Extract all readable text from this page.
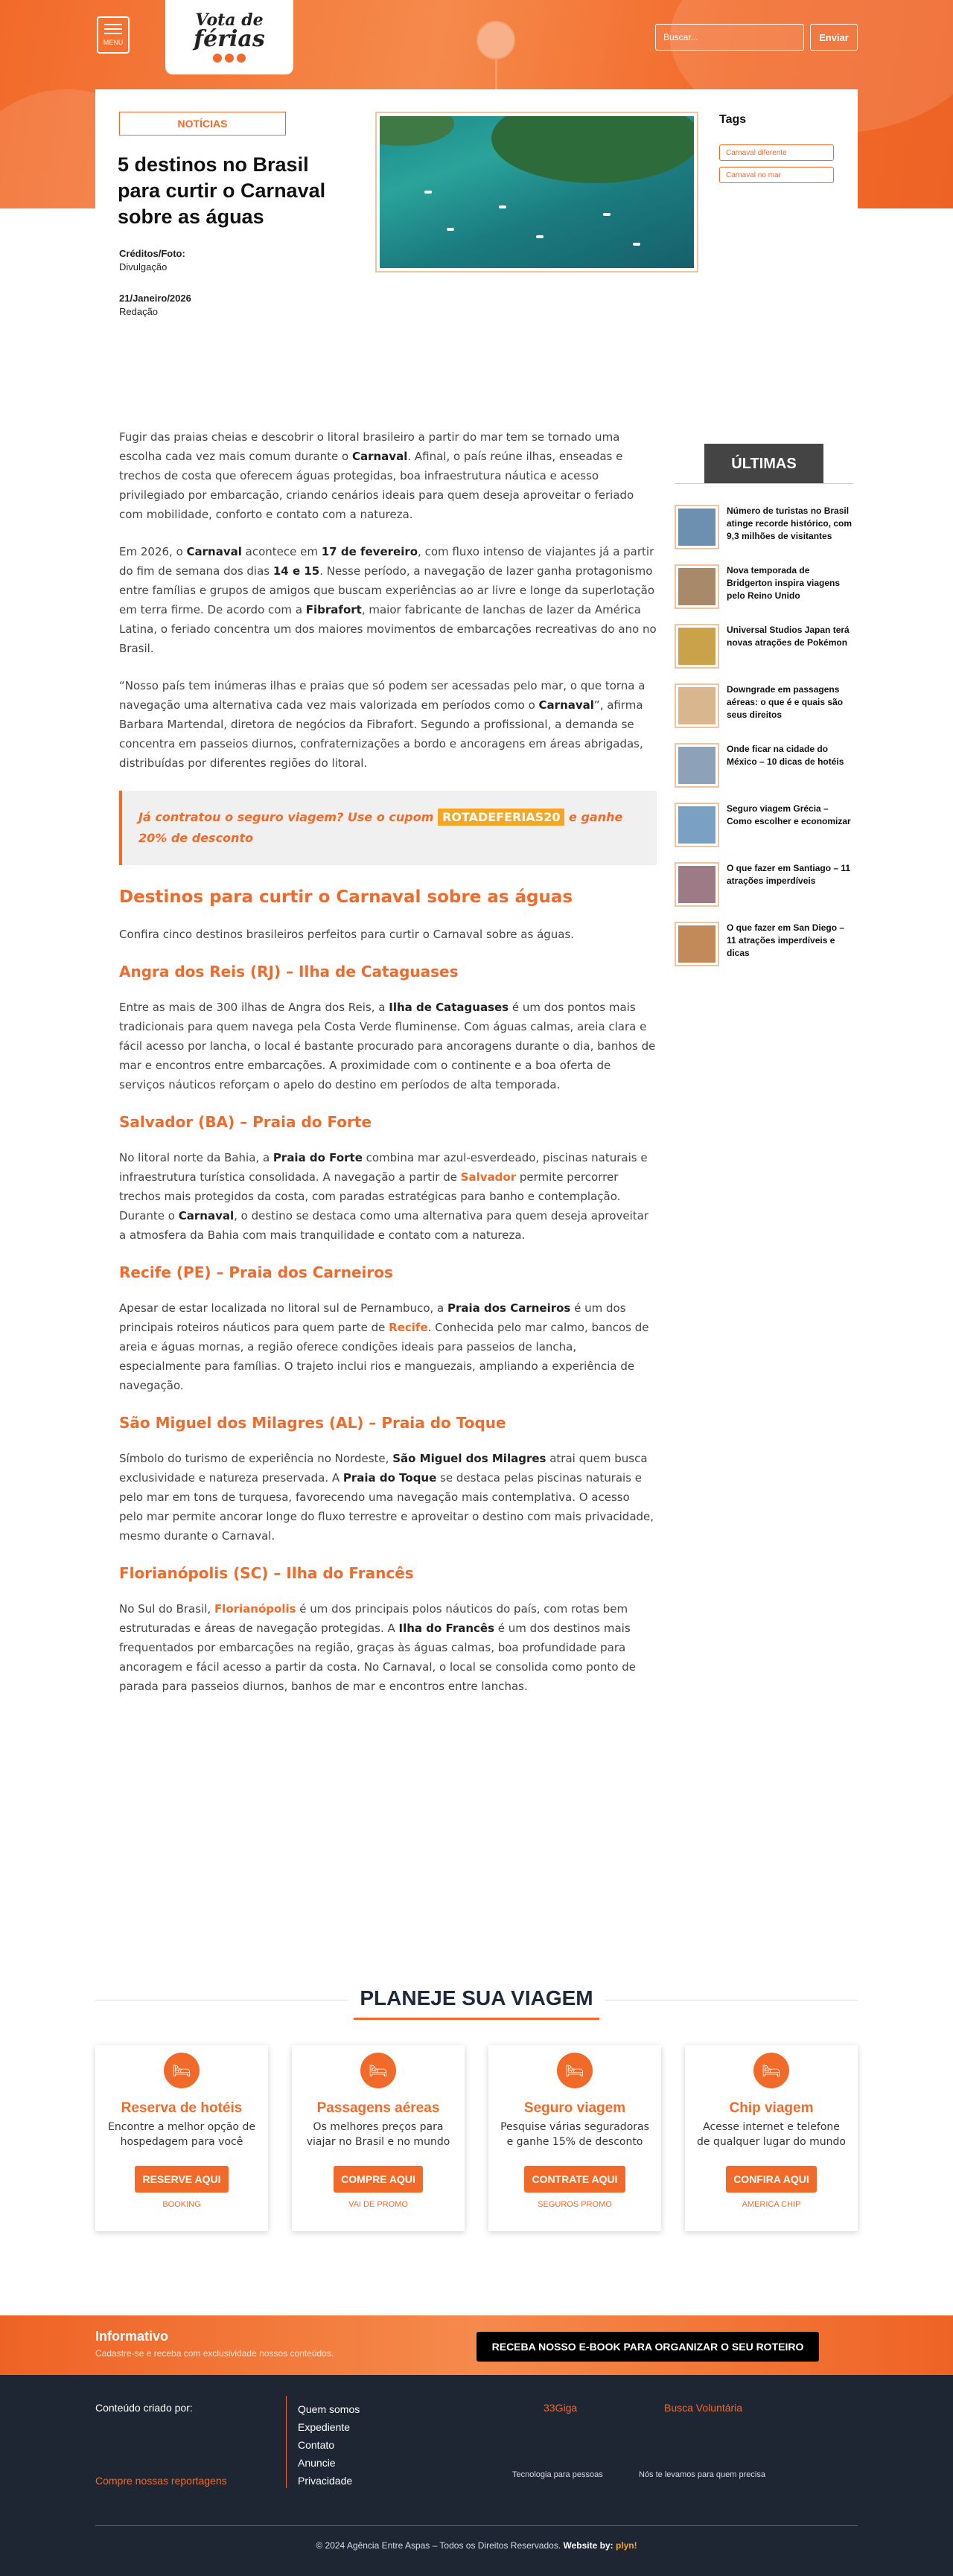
MENU
Vota de
férias
Buscar...	Enviar
NOTÍCIAS
5 destinos no Brasil para curtir o Carnaval sobre as águas
Créditos/Foto:
Divulgação
21/Janeiro/2026
Redação
Tags
Carnaval diferente
Carnaval no mar

Fugir das praias cheias e descobrir o litoral brasileiro a partir do mar tem se tornado uma escolha cada vez mais comum durante o Carnaval. Afinal, o país reúne ilhas, enseadas e trechos de costa que oferecem águas protegidas, boa infraestrutura náutica e acesso privilegiado por embarcação, criando cenários ideais para quem deseja aproveitar o feriado com mobilidade, conforto e contato com a natureza.

Em 2026, o Carnaval acontece em 17 de fevereiro, com fluxo intenso de viajantes já a partir do fim de semana dos dias 14 e 15. Nesse período, a navegação de lazer ganha protagonismo entre famílias e grupos de amigos que buscam experiências ao ar livre e longe da superlotação em terra firme. De acordo com a Fibrafort, maior fabricante de lanchas de lazer da América Latina, o feriado concentra um dos maiores movimentos de embarcações recreativas do ano no Brasil.

“Nosso país tem inúmeras ilhas e praias que só podem ser acessadas pelo mar, o que torna a navegação uma alternativa cada vez mais valorizada em períodos como o Carnaval”, afirma Barbara Martendal, diretora de negócios da Fibrafort. Segundo a profissional, a demanda se concentra em passeios diurnos, confraternizações a bordo e ancoragens em áreas abrigadas, distribuídas por diferentes regiões do litoral.

Já contratou o seguro viagem? Use o cupom ROTADEFERIAS20 e ganhe 20% de desconto
Destinos para curtir o Carnaval sobre as águas

Confira cinco destinos brasileiros perfeitos para curtir o Carnaval sobre as águas.

Angra dos Reis (RJ) – Ilha de Cataguases

Entre as mais de 300 ilhas de Angra dos Reis, a Ilha de Cataguases é um dos pontos mais tradicionais para quem navega pela Costa Verde fluminense. Com águas calmas, areia clara e fácil acesso por lancha, o local é bastante procurado para ancoragens durante o dia, banhos de mar e encontros entre embarcações. A proximidade com o continente e a boa oferta de serviços náuticos reforçam o apelo do destino em períodos de alta temporada.

Salvador (BA) – Praia do Forte

No litoral norte da Bahia, a Praia do Forte combina mar azul-esverdeado, piscinas naturais e infraestrutura turística consolidada. A navegação a partir de Salvador permite percorrer trechos mais protegidos da costa, com paradas estratégicas para banho e contemplação. Durante o Carnaval, o destino se destaca como uma alternativa para quem deseja aproveitar a atmosfera da Bahia com mais tranquilidade e contato com a natureza.

Recife (PE) – Praia dos Carneiros

Apesar de estar localizada no litoral sul de Pernambuco, a Praia dos Carneiros é um dos principais roteiros náuticos para quem parte de Recife. Conhecida pelo mar calmo, bancos de areia e águas mornas, a região oferece condições ideais para passeios de lancha, especialmente para famílias. O trajeto inclui rios e manguezais, ampliando a experiência de navegação.

São Miguel dos Milagres (AL) – Praia do Toque

Símbolo do turismo de experiência no Nordeste, São Miguel dos Milagres atrai quem busca exclusividade e natureza preservada. A Praia do Toque se destaca pelas piscinas naturais e pelo mar em tons de turquesa, favorecendo uma navegação mais contemplativa. O acesso pelo mar permite ancorar longe do fluxo terrestre e aproveitar o destino com mais privacidade, mesmo durante o Carnaval.

Florianópolis (SC) – Ilha do Francês

No Sul do Brasil, Florianópolis é um dos principais polos náuticos do país, com rotas bem estruturadas e áreas de navegação protegidas. A Ilha do Francês é um dos destinos mais frequentados por embarcações na região, graças às águas calmas, boa profundidade para ancoragem e fácil acesso a partir da costa. No Carnaval, o local se consolida como ponto de parada para passeios diurnos, banhos de mar e encontros entre lanchas.

ÚLTIMAS
Número de turistas no Brasil atinge recorde histórico, com 9,3 milhões de visitantes
Nova temporada de Bridgerton inspira viagens pelo Reino Unido
Universal Studios Japan terá novas atrações de Pokémon
Downgrade em passagens aéreas: o que é e quais são seus direitos
Onde ficar na cidade do México – 10 dicas de hotéis
Seguro viagem Grécia – Como escolher e economizar
O que fazer em Santiago – 11 atrações imperdíveis
O que fazer em San Diego – 11 atrações imperdíveis e dicas
PLANEJE SUA VIAGEM
🛏
Reserva de hotéis
Encontre a melhor opção de hospedagem para você
RESERVE AQUI
BOOKING
🛏
Passagens aéreas
Os melhores preços para viajar no Brasil e no mundo
COMPRE AQUI
VAI DE PROMO
🛏
Seguro viagem
Pesquise várias seguradoras e ganhe 15% de desconto
CONTRATE AQUI
SEGUROS PROMO
🛏
Chip viagem
Acesse internet e telefone de qualquer lugar do mundo
CONFIRA AQUI
AMERICA CHIP
Informativo
Cadastre-se e receba com exclusividade nossos conteúdos.
RECEBA NOSSO E-BOOK PARA ORGANIZAR O SEU ROTEIRO
Conteúdo criado por:
Compre nossas reportagens
Quem somos
Expediente
Contato
Anuncie
Privacidade
33Giga	Busca Voluntária
Tecnologia para pessoas	Nós te levamos para quem precisa
© 2024 Agência Entre Aspas – Todos os Direitos Reservados. Website by: plyn!
